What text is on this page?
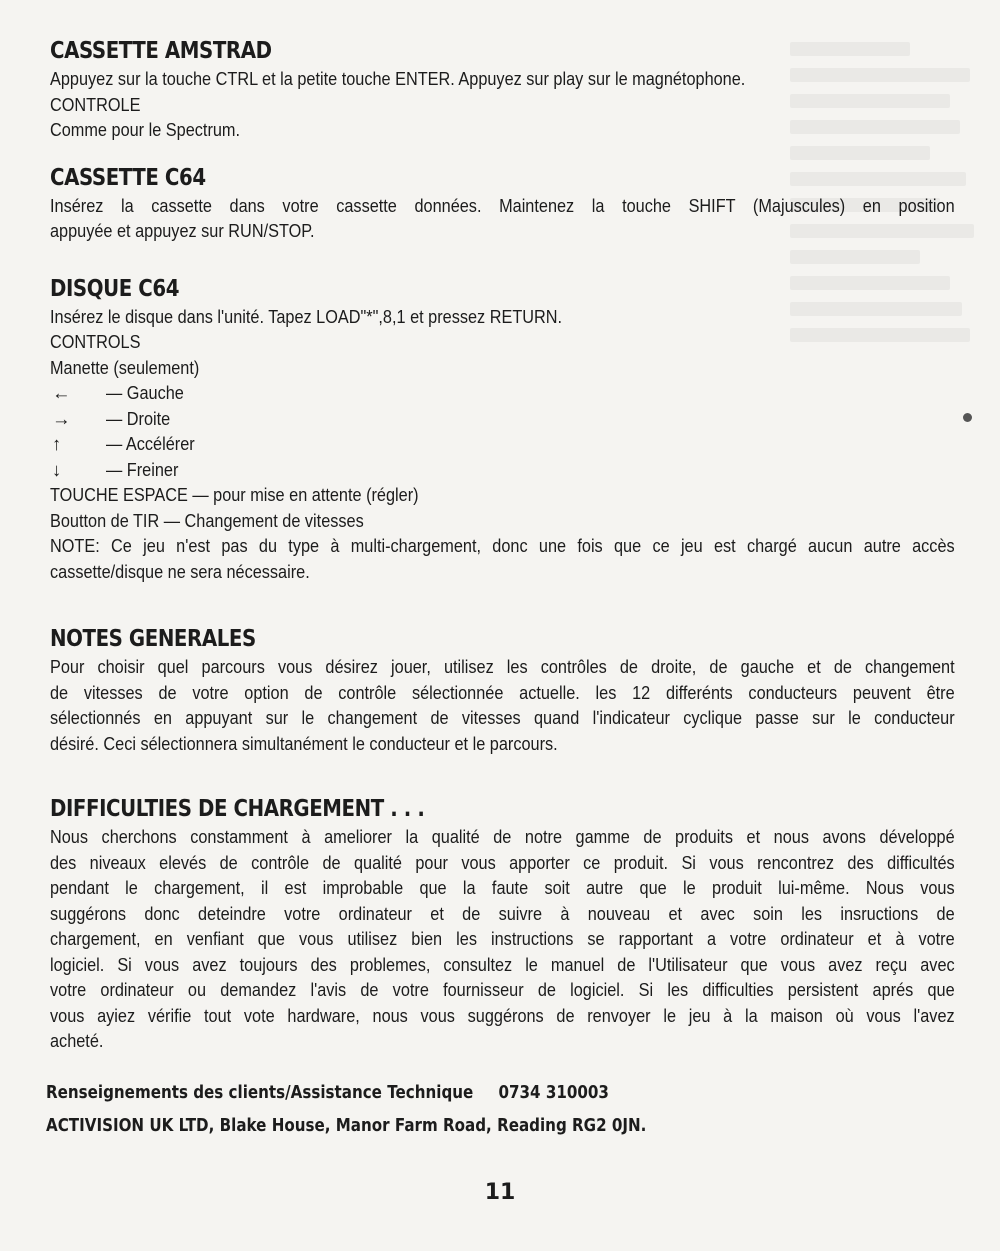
CASSETTE AMSTRAD
Appuyez sur la touche CTRL et la petite touche ENTER. Appuyez sur play sur le magnétophone.
CONTROLE
Comme pour le Spectrum.
CASSETTE C64
Insérez la cassette dans votre cassette données. Maintenez la touche SHIFT (Majuscules) en position
appuyée et appuyez sur RUN/STOP.
DISQUE C64
Insérez le disque dans l'unité. Tapez LOAD"*",8,1 et pressez RETURN.
CONTROLS
Manette (seulement)
←	— Gauche
→	— Droite
↑	— Accélérer
↓	— Freiner
TOUCHE ESPACE — pour mise en attente (régler)
Boutton de TIR — Changement de vitesses
NOTE: Ce jeu n'est pas du type à multi-chargement, donc une fois que ce jeu est chargé aucun autre accès
cassette/disque ne sera nécessaire.
NOTES GENERALES
Pour choisir quel parcours vous désirez jouer, utilisez les contrôles de droite, de gauche et de changement
de vitesses de votre option de contrôle sélectionnée actuelle. les 12 differénts conducteurs peuvent être
sélectionnés en appuyant sur le changement de vitesses quand l'indicateur cyclique passe sur le conducteur
désiré. Ceci sélectionnera simultanément le conducteur et le parcours.
DIFFICULTIES DE CHARGEMENT . . .
Nous cherchons constamment à ameliorer la qualité de notre gamme de produits et nous avons développé
des niveaux elevés de contrôle de qualité pour vous apporter ce produit. Si vous rencontrez des difficultés
pendant le chargement, il est improbable que la faute soit autre que le produit lui-même. Nous vous
suggérons donc deteindre votre ordinateur et de suivre à nouveau et avec soin les insructions de
chargement, en venfiant que vous utilisez bien les instructions se rapportant a votre ordinateur et à votre
logiciel. Si vous avez toujours des problemes, consultez le manuel de l'Utilisateur que vous avez reçu avec
votre ordinateur ou demandez l'avis de votre fournisseur de logiciel. Si les difficulties persistent aprés que
vous ayiez vérifie tout vote hardware, nous vous suggérons de renvoyer le jeu à la maison où vous l'avez
acheté.
Renseignements des clients/Assistance Technique 0734 310003
ACTIVISION UK LTD, Blake House, Manor Farm Road, Reading RG2 0JN.
11
